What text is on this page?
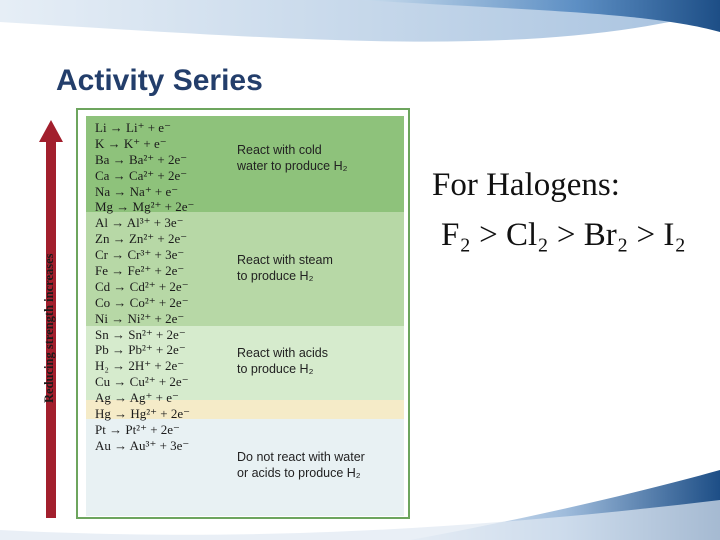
Activity Series
Reducing strength increases
Li → Li⁺ + e⁻
K → K⁺ + e⁻
Ba → Ba²⁺ + 2e⁻
Ca → Ca²⁺ + 2e⁻
Na → Na⁺ + e⁻
Mg → Mg²⁺ + 2e⁻
Al → Al³⁺ + 3e⁻
Zn → Zn²⁺ + 2e⁻
Cr → Cr³⁺ + 3e⁻
Fe → Fe²⁺ + 2e⁻
Cd → Cd²⁺ + 2e⁻
Co → Co²⁺ + 2e⁻
Ni → Ni²⁺ + 2e⁻
Sn → Sn²⁺ + 2e⁻
Pb → Pb²⁺ + 2e⁻
H₂ → 2H⁺ + 2e⁻
Cu → Cu²⁺ + 2e⁻
Ag → Ag⁺ + e⁻
Hg → Hg²⁺ + 2e⁻
Pt → Pt²⁺ + 2e⁻
Au → Au³⁺ + 3e⁻
React with cold
water to produce H₂
React with steam
to produce H₂
React with acids
to produce H₂
Do not react with water
or acids to produce H₂
For Halogens:
F₂ > Cl₂ > Br₂ > I₂
